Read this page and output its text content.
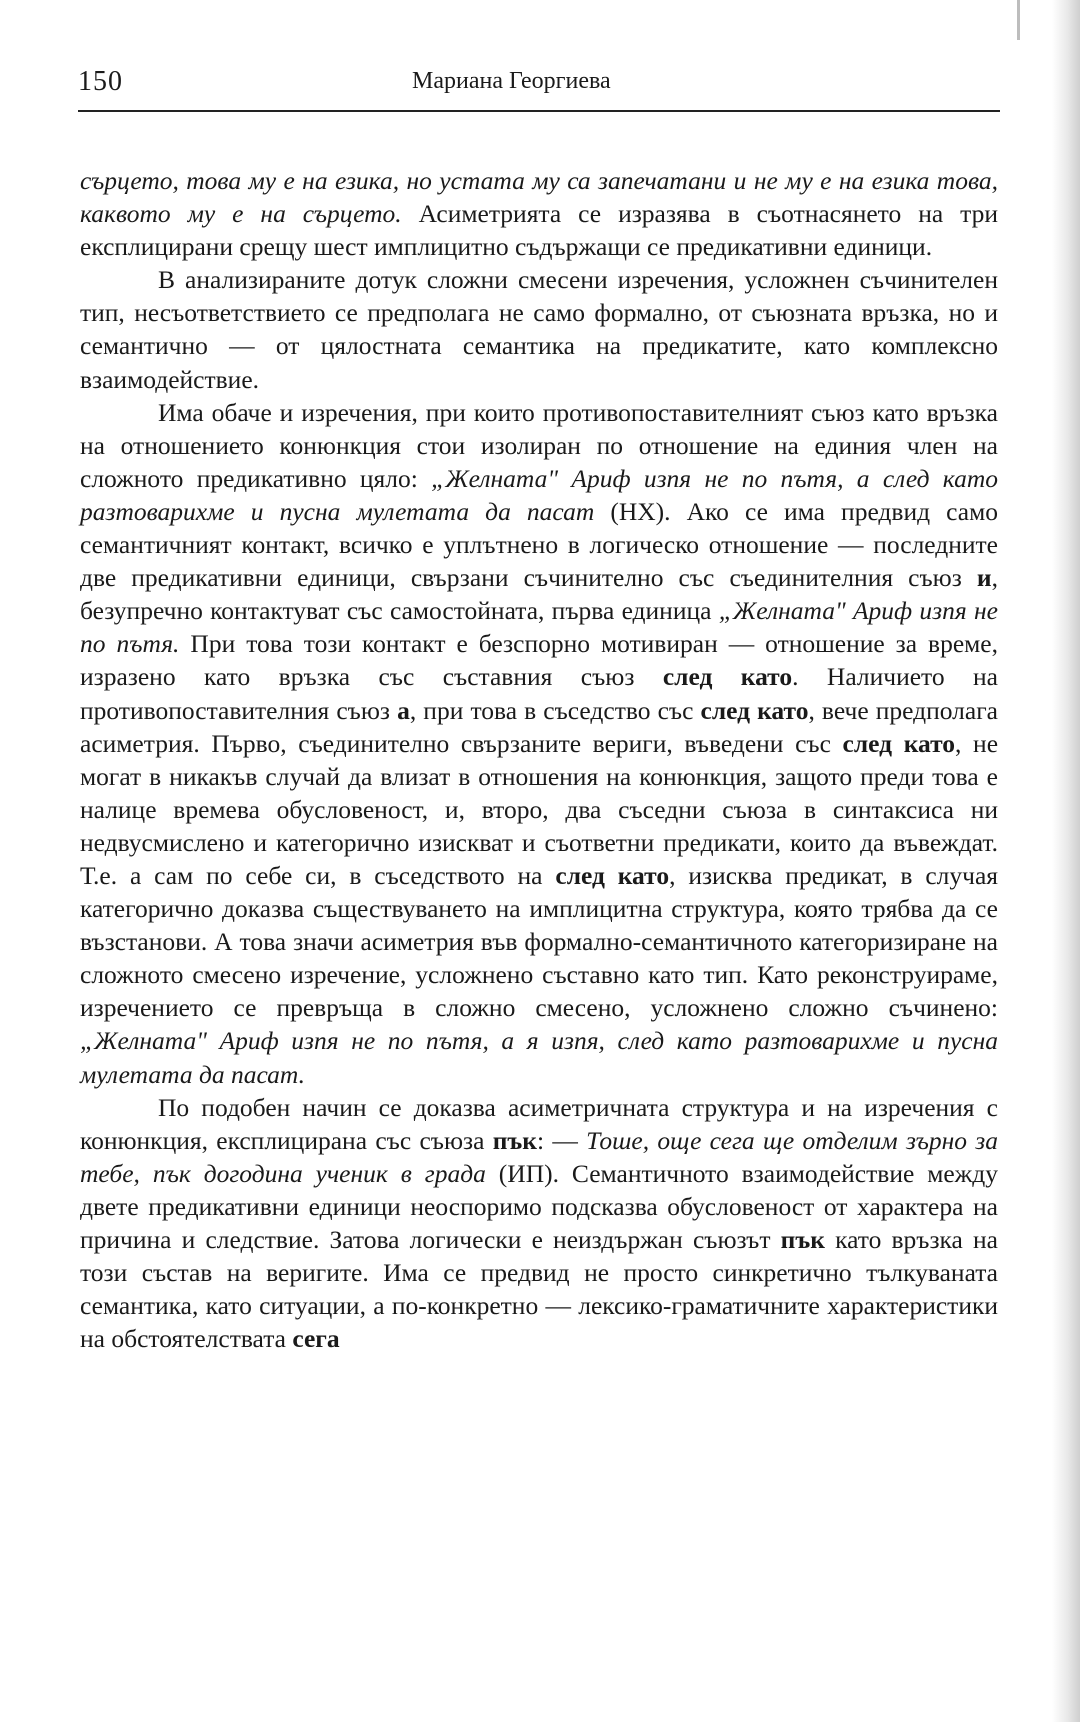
150	Мариана Георгиева

сърцето, това му е на езика, но устата му са запечатани и не му е на езика това, каквото му е на сърцето. Асиметрията се изразява в съотнасянето на три експлицирани срещу шест имплицитно съдържащи се предикативни единици.

В анализираните дотук сложни смесени изречения, усложнен съчинителен тип, несъответствието се предполага не само формално, от съюзната връзка, но и семантично — от цялостната семантика на предикатите, като комплексно взаимодействие.

Има обаче и изречения, при които противопоставителният съюз като връзка на отношението конюнкция стои изолиран по отношение на единия член на сложното предикативно цяло: „Желната" Ариф изпя не по пътя, а след като разтоварихме и пусна мулетата да пасат (НХ). Ако се има предвид само семантичният контакт, всичко е уплътнено в логическо отношение — последните две предикативни единици, свързани съчинително със съединителния съюз и, безупречно контактуват със самостойната, първа единица „Желната" Ариф изпя не по пътя. При това този контакт е безспорно мотивиран — отношение за време, изразено като връзка със съставния съюз след като. Наличието на противопоставителния съюз а, при това в съседство със след като, вече предполага асиметрия. Първо, съединително свързаните вериги, въведени със след като, не могат в никакъв случай да влизат в отношения на конюнкция, защото преди това е налице времева обусловеност, и, второ, два съседни съюза в синтаксиса ни недвусмислено и категорично изискват и съответни предикати, които да въвеждат. Т.е. а сам по себе си, в съседството на след като, изисква предикат, в случая категорично доказва съществуването на имплицитна структура, която трябва да се възстанови. А това значи асиметрия във формално-семантичното категоризиране на сложното смесено изречение, усложнено съставно като тип. Като реконструираме, изречението се превръща в сложно смесено, усложнено сложно съчинено: „Желната" Ариф изпя не по пътя, а я изпя, след като разтоварихме и пусна мулетата да пасат.

По подобен начин се доказва асиметричната структура и на изречения с конюнкция, експлицирана със съюза пък: — Тоше, още сега ще отделим зърно за тебе, пък догодина ученик в града (ИП). Семантичното взаимодействие между двете предикативни единици неоспоримо подсказва обусловеност от характера на причина и следствие. Затова логически е неиздържан съюзът пък като връзка на този състав на веригите. Има се предвид не просто синкретично тълкуваната семантика, като ситуации, а по-конкретно — лексико-граматичните характеристики на обстоятелствата сега
